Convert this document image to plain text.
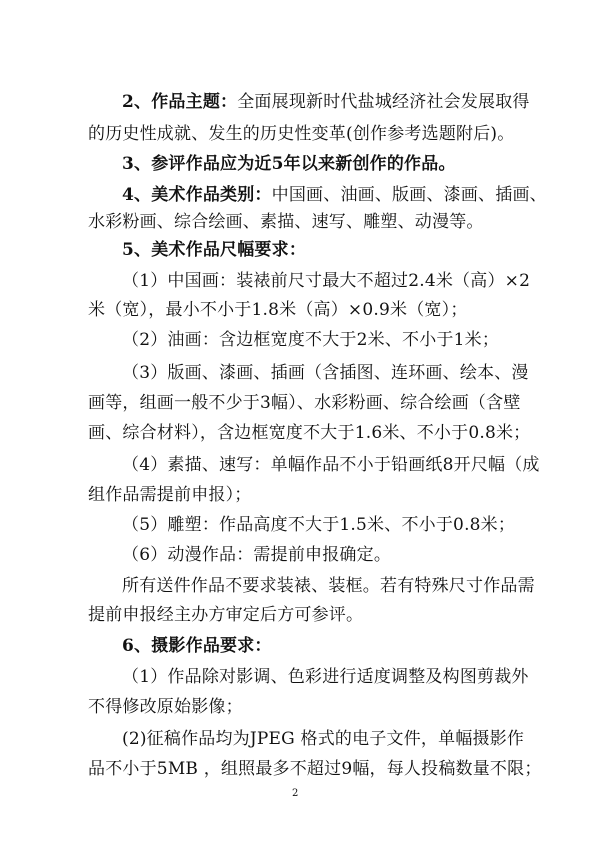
2、作品主题：全面展现新时代盐城经济社会发展取得
的历史性成就、发生的历史性变革(创作参考选题附后)。
3、参评作品应为近5年以来新创作的作品。
4、美术作品类别：中国画、油画、版画、漆画、插画、
水彩粉画、综合绘画、素描、速写、雕塑、动漫等。
5、美术作品尺幅要求：
（1）中国画：装裱前尺寸最大不超过2.4米（高）×2
米（宽），最小不小于1.8米（高）×0.9米（宽）；
（2）油画：含边框宽度不大于2米、不小于1米；
（3）版画、漆画、插画（含插图、连环画、绘本、漫
画等，组画一般不少于3幅）、水彩粉画、综合绘画（含壁
画、综合材料），含边框宽度不大于1.6米、不小于0.8米；
（4）素描、速写：单幅作品不小于铅画纸8开尺幅（成
组作品需提前申报）；
（5）雕塑：作品高度不大于1.5米、不小于0.8米；
（6）动漫作品：需提前申报确定。
所有送件作品不要求装裱、装框。若有特殊尺寸作品需
提前申报经主办方审定后方可参评。
6、摄影作品要求：
（1）作品除对影调、色彩进行适度调整及构图剪裁外
不得修改原始影像；
(2)征稿作品均为JPEG 格式的电子文件，单幅摄影作
品不小于5MB ，组照最多不超过9幅，每人投稿数量不限；
2
